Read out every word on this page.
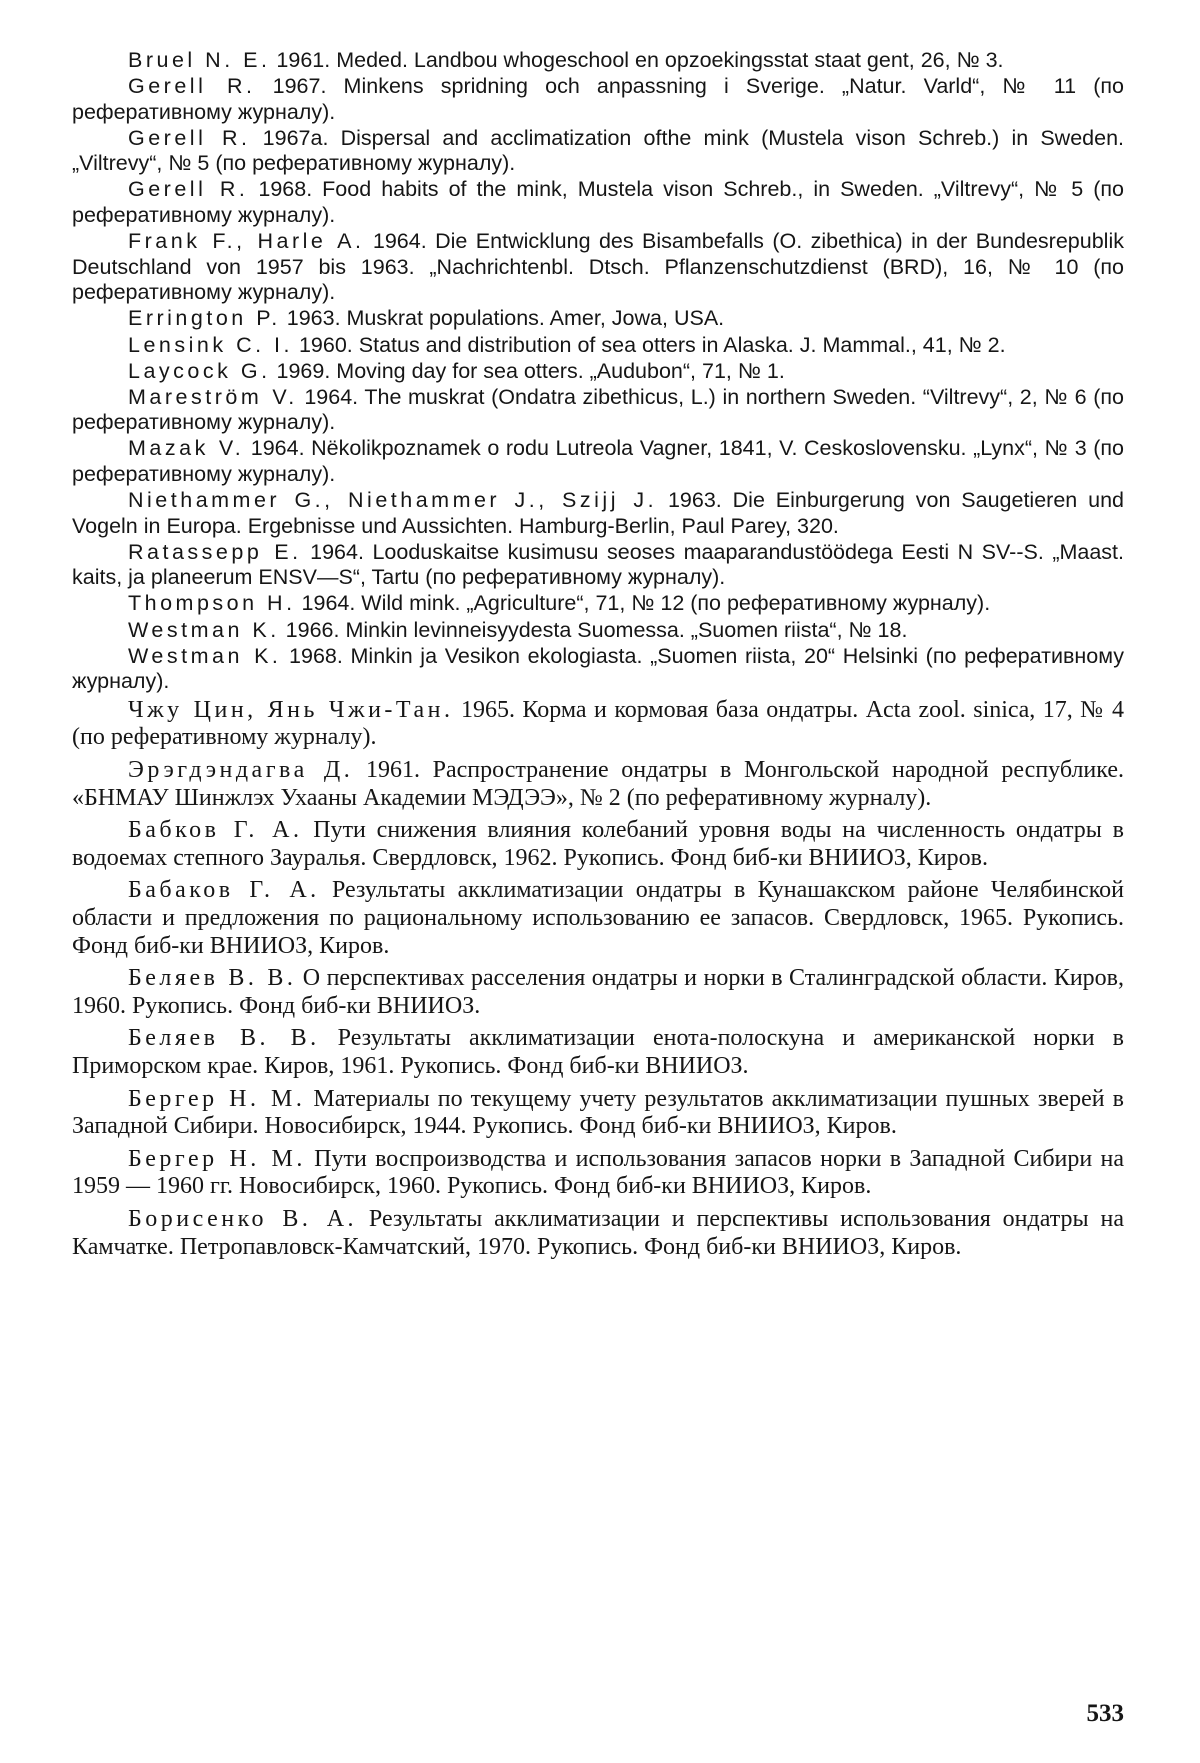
Bruel N. E. 1961. Meded. Landbou whogeschool en opzoekingsstat staat gent, 26, № 3.
Gerell R. 1967. Minkens spridning och anpassning i Sverige. „Natur. Varld“, № 11 (по реферативному журналу).
Gerell R. 1967a. Dispersal and acclimatization ofthe mink (Mustela vison Schreb.) in Sweden. „Viltrevy“, № 5 (по реферативному журналу).
Gerell R. 1968. Food habits of the mink, Mustela vison Schreb., in Sweden. „Viltrevy“, № 5 (по реферативному журналу).
Frank F., Harle A. 1964. Die Entwicklung des Bisambefalls (O. zibethica) in der Bundesrepublik Deutschland von 1957 bis 1963. „Nachrichtenbl. Dtsch. Pflanzenschutzdienst (BRD), 16, № 10 (по реферативному журналу).
Errington P. 1963. Muskrat populations. Amer, Jowa, USA.
Lensink C. I. 1960. Status and distribution of sea otters in Alaska. J. Mammal., 41, № 2.
Laycock G. 1969. Moving day for sea otters. „Audubon“, 71, № 1.
Mareström V. 1964. The muskrat (Ondatra zibethicus, L.) in northern Sweden. “Viltrevy“, 2, № 6 (по реферативному журналу).
Mazak V. 1964. Nëkolikpoznamek o rodu Lutreola Vagner, 1841, V. Ceskoslovensku. „Lynx“, № 3 (по реферативному журналу).
Niethammer G., Niethammer J., Szijj J. 1963. Die Einburgerung von Saugetieren und Vogeln in Europa. Ergebnisse und Aussichten. Hamburg-Berlin, Paul Parey, 320.
Ratassepp E. 1964. Looduskaitse kusimusu seoses maaparandustöödega Eesti N SV--S. „Maast. kaits, ja planeerum ENSV—S“, Tartu (по реферативному журналу).
Thompson H. 1964. Wild mink. „Agriculture“, 71, № 12 (по реферативному журналу).
Westman K. 1966. Minkin levinneisyydesta Suomessa. „Suomen riista“, № 18.
Westman K. 1968. Minkin ja Vesikon ekologiasta. „Suomen riista, 20“ Helsinki (по реферативному журналу).
Чжу Цин, Янь Чжи-Тан. 1965. Корма и кормовая база ондатры. Acta zool. sinica, 17, № 4 (по реферативному журналу).
Эрэгдэндагва Д. 1961. Распространение ондатры в Монгольской народной республике. «БНМАУ Шинжлэх Ухааны Академии МЭДЭЭ», № 2 (по реферативному журналу).
Бабков Г. А. Пути снижения влияния колебаний уровня воды на численность ондатры в водоемах степного Зауралья. Свердловск, 1962. Рукопись. Фонд биб-ки ВНИИОЗ, Киров.
Бабаков Г. А. Результаты акклиматизации ондатры в Кунашакском районе Челябинской области и предложения по рациональному использованию ее запасов. Свердловск, 1965. Рукопись. Фонд биб-ки ВНИИОЗ, Киров.
Беляев В. В. О перспективах расселения ондатры и норки в Сталинградской области. Киров, 1960. Рукопись. Фонд биб-ки ВНИИОЗ.
Беляев В. В. Результаты акклиматизации енота-полоскуна и американской норки в Приморском крае. Киров, 1961. Рукопись. Фонд биб-ки ВНИИОЗ.
Бергер Н. М. Материалы по текущему учету результатов акклиматизации пушных зверей в Западной Сибири. Новосибирск, 1944. Рукопись. Фонд биб-ки ВНИИОЗ, Киров.
Бергер Н. М. Пути воспроизводства и использования запасов норки в Западной Сибири на 1959 — 1960 гг. Новосибирск, 1960. Рукопись. Фонд биб-ки ВНИИОЗ, Киров.
Борисенко В. А. Результаты акклиматизации и перспективы использования ондатры на Камчатке. Петропавловск-Камчатский, 1970. Рукопись. Фонд биб-ки ВНИИОЗ, Киров.
533
